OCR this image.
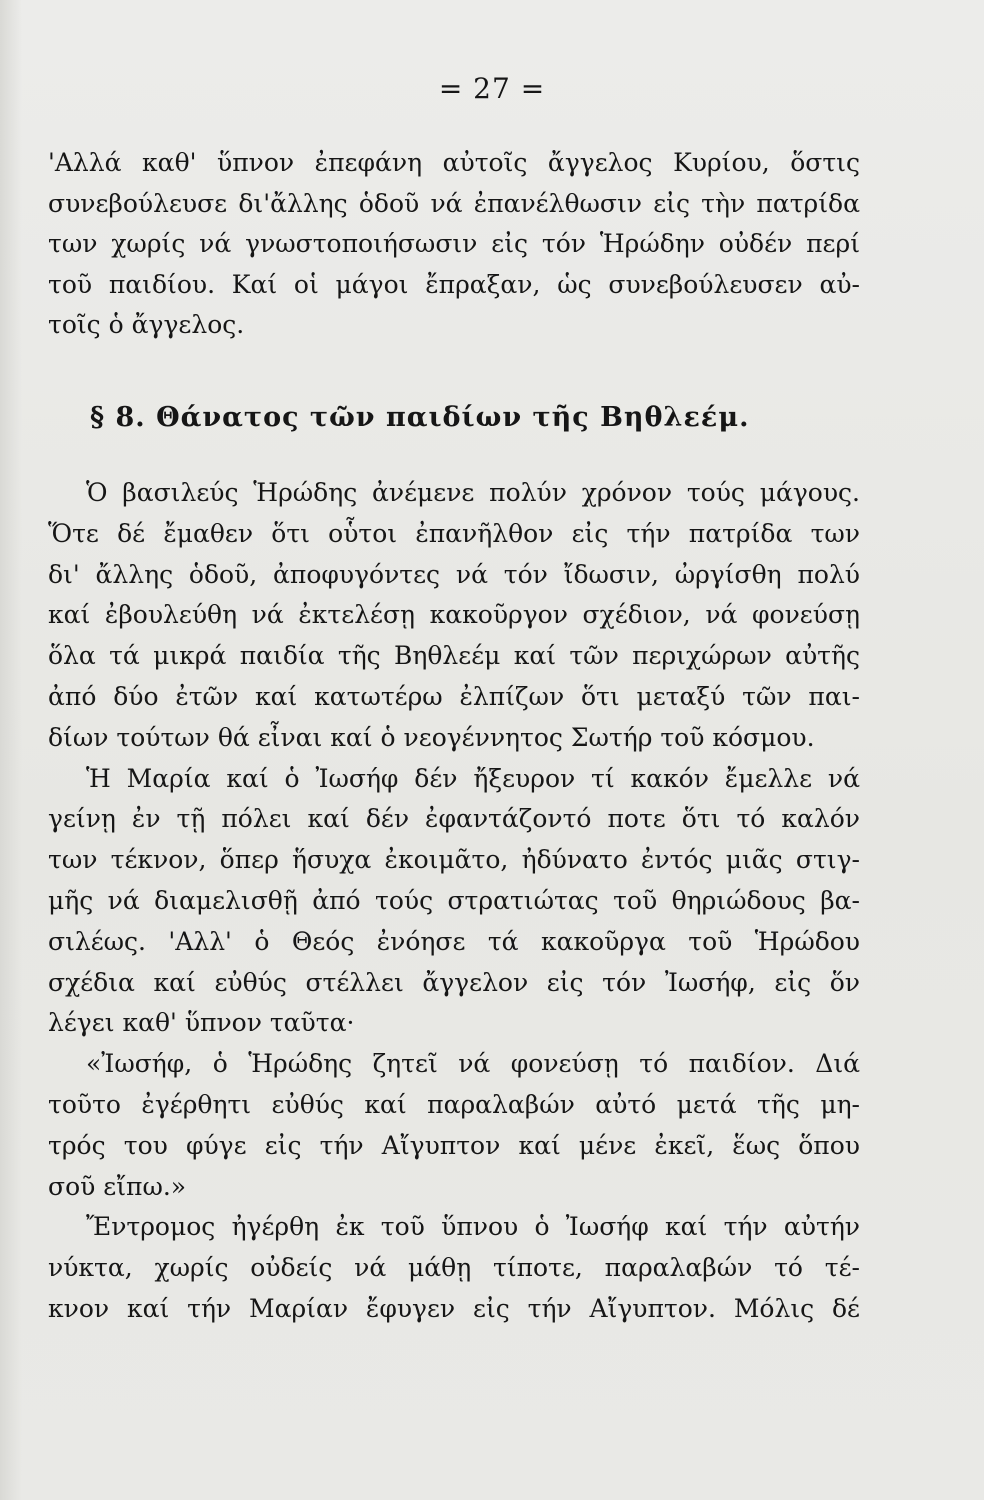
= 27 =
'Αλλά καθ' ὕπνον ἐπεφάνη αὐτοῖς ἄγγελος Κυρίου, ὅστις
συνεβούλευσε δι'ἄλλης ὁδοῦ νά ἐπανέλθωσιν εἰς τὴν πατρίδα
των χωρίς νά γνωστοποιήσωσιν εἰς τόν Ἡρώδην οὐδέν περί
τοῦ παιδίου. Καί οἱ μάγοι ἔπραξαν, ὡς συνεβούλευσεν αὐ-
τοῖς ὁ ἄγγελος.
§ 8. Θάνατος τῶν παιδίων τῆς Βηθλεέμ.
Ὁ βασιλεύς Ἡρώδης ἀνέμενε πολύν χρόνον τούς μάγους.
Ὅτε δέ ἔμαθεν ὅτι οὗτοι ἐπανῆλθον εἰς τήν πατρίδα των
δι' ἄλλης ὁδοῦ, ἀποφυγόντες νά τόν ἴδωσιν, ὠργίσθη πολύ
καί ἐβουλεύθη νά ἐκτελέσῃ κακοῦργον σχέδιον, νά φονεύσῃ
ὅλα τά μικρά παιδία τῆς Βηθλεέμ καί τῶν περιχώρων αὐτῆς
ἀπό δύο ἐτῶν καί κατωτέρω ἐλπίζων ὅτι μεταξύ τῶν παι-
δίων τούτων θά εἶναι καί ὁ νεογέννητος Σωτήρ τοῦ κόσμου.
Ἡ Μαρία καί ὁ Ἰωσήφ δέν ἤξευρον τί κακόν ἔμελλε νά
γείνῃ ἐν τῇ πόλει καί δέν ἐφαντάζοντό ποτε ὅτι τό καλόν
των τέκνον, ὅπερ ἥσυχα ἐκοιμᾶτο, ἠδύνατο ἐντός μιᾶς στιγ-
μῆς νά διαμελισθῇ ἀπό τούς στρατιώτας τοῦ θηριώδους βα-
σιλέως. 'Αλλ' ὁ Θεός ἐνόησε τά κακοῦργα τοῦ Ἡρώδου
σχέδια καί εὐθύς στέλλει ἄγγελον εἰς τόν Ἰωσήφ, εἰς ὅν
λέγει καθ' ὕπνον ταῦτα·
«Ἰωσήφ, ὁ Ἡρώδης ζητεῖ νά φονεύσῃ τό παιδίον. Διά
τοῦτο ἐγέρθητι εὐθύς καί παραλαβών αὐτό μετά τῆς μη-
τρός του φύγε εἰς τήν Αἴγυπτον καί μένε ἐκεῖ, ἕως ὅπου
σοῦ εἴπω.»
Ἔντρομος ἠγέρθη ἐκ τοῦ ὕπνου ὁ Ἰωσήφ καί τήν αὐτήν
νύκτα, χωρίς οὐδείς νά μάθῃ τίποτε, παραλαβών τό τέ-
κνον καί τήν Μαρίαν ἔφυγεν εἰς τήν Αἴγυπτον. Μόλις δέ
